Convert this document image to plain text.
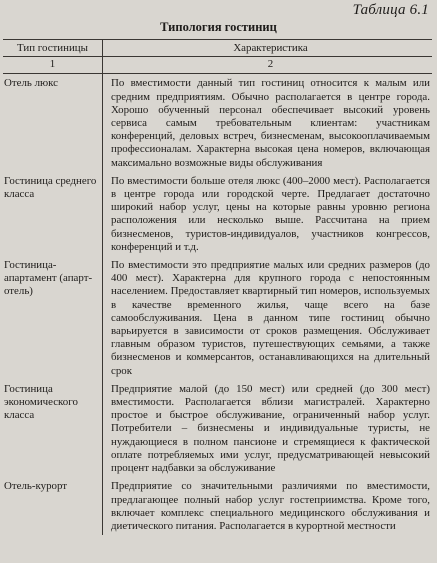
Таблица 6.1
Типология гостиниц
Тип гостиницы	Характеристика
1	2
Отель люкс	По вместимости данный тип гостиниц относится к малым или средним предприятиям. Обычно располагается в центре города. Хорошо обученный персонал обеспечивает высокий уровень сервиса самым требовательным клиентам: участникам конференций, деловых встреч, бизнесменам, высокооплачиваемым профессионалам. Характерна высокая цена номеров, включающая максимально возможные виды обслуживания
Гостиница среднего класса	По вместимости больше отеля люкс (400–2000 мест). Располагается в центре города или городской черте. Предлагает достаточно широкий набор услуг, цены на которые равны уровню региона расположения или несколько выше. Рассчитана на прием бизнесменов, туристов-индивидуалов, участников конгрессов, конференций и т.д.
Гостиница-апартамент (апарт-отель)	По вместимости это предприятие малых или средних размеров (до 400 мест). Характерна для крупного города с непостоянным населением. Предоставляет квартирный тип номеров, используемых в качестве временного жилья, чаще всего на базе самообслуживания. Цена в данном типе гостиниц обычно варьируется в зависимости от сроков размещения. Обслуживает главным образом туристов, путешествующих семьями, а также бизнесменов и коммерсантов, останавливающихся на длительный срок
Гостиница экономического класса	Предприятие малой (до 150 мест) или средней (до 300 мест) вместимости. Располагается вблизи магистралей. Характерно простое и быстрое обслуживание, ограниченный набор услуг. Потребители – бизнесмены и индивидуальные туристы, не нуждающиеся в полном пансионе и стремящиеся к фактической оплате потребляемых ими услуг, предусматривающей невысокий процент надбавки за обслуживание
Отель-курорт	Предприятие со значительными различиями по вместимости, предлагающее полный набор услуг гостеприимства. Кроме того, включает комплекс специального медицинского обслуживания и диетического питания. Располагается в курортной местности
